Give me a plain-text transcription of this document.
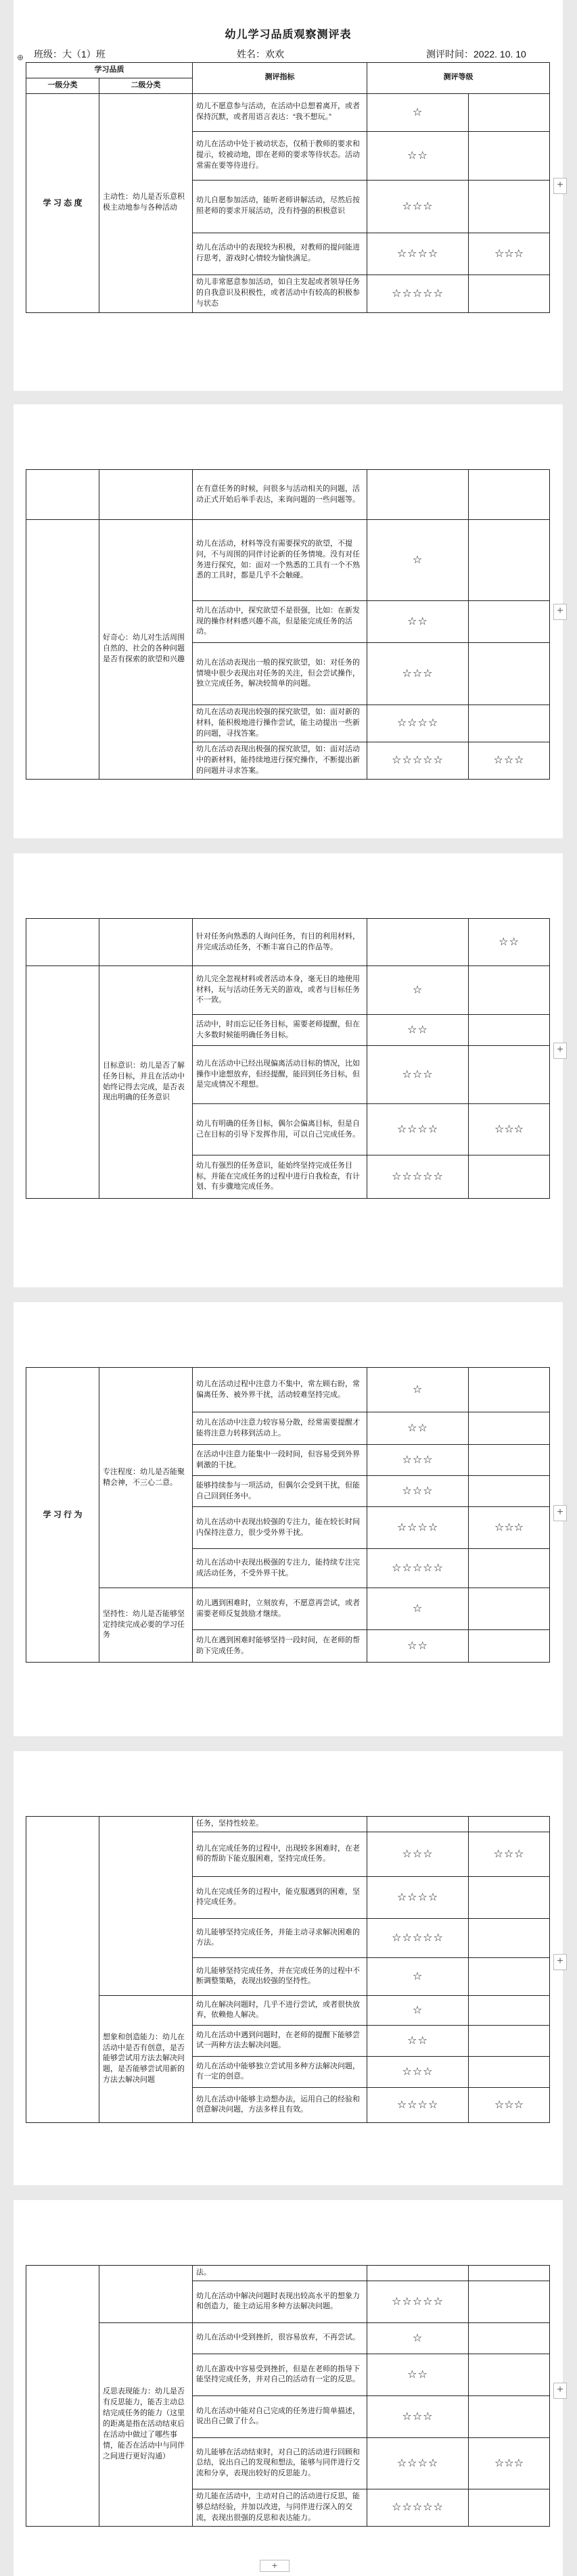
幼儿学习品质观察测评表
⊕ 班级：大（1）班	姓名：欢欢	测评时间：2022. 10. 10
学习品质		测评指标	测评等级	
一级分类	二级分类			
学 习 态 度	主动性：幼儿是否乐意积极主动地参与各种活动	幼儿不愿意参与活动，在活动中总想着离开，或者保持沉默，或者用语言表达：“我不想玩。”	☆	
		幼儿在活动中处于被动状态，仅稍于教师的要求和提示，较被动地，即在老师的要求等待状态。活动常需在要等待进行。	☆☆	
		幼儿自愿参加活动，能听老师讲解活动，尽然后按照老师的要求开展活动，没有持强的积极意识	☆☆☆	
		幼儿在活动中的表现较为积极，对教师的提问能进行思考，游戏时心情较为愉快满足。	☆☆☆☆	☆☆☆
		幼儿非常愿意参加活动，如自主发起或者领导任务的自我意识及积极性，或者活动中有较高的积极参与状态	☆☆☆☆☆	
+
		在有意任务的时候，问很多与活动相关的问题，活动正式开始后举手表达，来询问题的一些问题等。		
	好奇心：幼儿对生活周围自然的、社会的各种问题是否有探索的欲望和兴趣	幼儿在活动，材料等没有需要探究的欲望，不提问，不与周围的同伴讨论新的任务情境。没有对任务进行探究，如：面对一个熟悉的工具有一个不熟悉的工具时，都是几乎不会触碰。	☆	
		幼儿在活动中，探究欲望不是很强，比如：在新发现的操作材料感兴趣不高，但是能完成任务的活动。	☆☆	
		幼儿在活动表现出一般的探究欲望，如：对任务的情境中很少表现出对任务的关注，但会尝试操作，独立完成任务，解决较简单的问题。	☆☆☆	
		幼儿在活动表现出较强的探究欲望，如：面对新的材料，能积极地进行操作尝试，能主动提出一些新的问题，寻找答案。	☆☆☆☆	
		幼儿在活动表现出极强的探究欲望，如：面对活动中的新材料，能持续地进行探究操作，不断提出新的问题并寻求答案。	☆☆☆☆☆	☆☆☆
+
		针对任务向熟悉的人询问任务，有目的利用材料，并完成活动任务，不断丰富自己的作品等。		☆☆
	目标意识：幼儿是否了解任务目标，并且在活动中始终记得去完成，是否表现出明确的任务意识	幼儿完全忽视材料或者活动本身，毫无目的地使用材料，玩与活动任务无关的游戏，或者与目标任务不一致。	☆	
		活动中，时而忘记任务目标，需要老师提醒，但在大多数时候能明确任务目标。	☆☆	
		幼儿在活动中已经出现偏离活动目标的情况，比如操作中途想放弃，但经提醒，能回到任务目标，但是完成情况不理想。	☆☆☆	
		幼儿有明确的任务目标，偶尔会偏离目标，但是自己在目标的引导下发挥作用，可以自己完成任务。	☆☆☆☆	☆☆☆
		幼儿有强烈的任务意识，能始终坚持完成任务目标，并能在完成任务的过程中进行自我检查，有计划、有步骤地完成任务。	☆☆☆☆☆	
+
学 习 行 为	专注程度：幼儿是否能聚精会神，不三心二意。	幼儿在活动过程中注意力不集中，常左顾右盼，常偏离任务、被外界干扰，活动较难坚持完成。	☆	
		幼儿在活动中注意力较容易分散，经常需要提醒才能将注意力转移到活动上。	☆☆	
		在活动中注意力能集中一段时间，但容易受到外界刺激的干扰。	☆☆☆	
		能够持续参与一项活动，但偶尔会受到干扰，但能自己回到任务中。	☆☆☆	
		幼儿在活动中表现出较强的专注力，能在较长时间内保持注意力，很少受外界干扰。	☆☆☆☆	☆☆☆
		幼儿在活动中表现出极强的专注力，能持续专注完成活动任务，不受外界干扰。	☆☆☆☆☆	
	坚持性：幼儿是否能够坚定持续完成必要的学习任务	幼儿遇到困难时，立刻放弃，不愿意再尝试，或者需要老师反复鼓励才继续。	☆	
		幼儿在遇到困难时能够坚持一段时间，在老师的帮助下完成任务。	☆☆	
+
		任务，坚持性较差。		
		幼儿在完成任务的过程中，出现较多困难时，在老师的帮助下能克服困难，坚持完成任务。	☆☆☆	☆☆☆
		幼儿在完成任务的过程中，能克服遇到的困难，坚持完成任务。	☆☆☆☆	
		幼儿能够坚持完成任务，并能主动寻求解决困难的方法。	☆☆☆☆☆	
		幼儿能够坚持完成任务，并在完成任务的过程中不断调整策略，表现出较强的坚持性。	☆	
	想象和创造能力：幼儿在活动中是否有创意，是否能够尝试用方法去解决问题，是否能够尝试用新的方法去解决问题	幼儿在解决问题时，几乎不进行尝试，或者很快放弃，依赖他人解决。	☆	
		幼儿在活动中遇到问题时，在老师的提醒下能够尝试一两种方法去解决问题。	☆☆	
		幼儿在活动中能够独立尝试用多种方法解决问题，有一定的创意。	☆☆☆	
		幼儿在活动中能够主动想办法，运用自己的经验和创意解决问题，方法多样且有效。	☆☆☆☆	☆☆☆
+
		法。		
		幼儿在活动中解决问题时表现出较高水平的想象力和创造力，能主动运用多种方法解决问题。	☆☆☆☆☆	
	反思表现能力：幼儿是否有反思能力，能否主动总结完成任务的能力（这里的距离是指在活动结束后在活动中做过了哪些事情，能否在活动中与同伴之间进行更好沟通）	幼儿在活动中受到挫折，很容易放弃，不再尝试。	☆	
		幼儿在游戏中容易受到挫折，但是在老师的指导下能坚持完成任务，并对自己的活动有一定的反思。	☆☆	
		幼儿在活动中能对自己完成的任务进行简单描述，说出自己做了什么。	☆☆☆	
		幼儿能够在活动结束时，对自己的活动进行回顾和总结，说出自己的发现和想法，能够与同伴进行交流和分享，表现出较好的反思能力。	☆☆☆☆	☆☆☆
		幼儿能在活动中，主动对自己的活动进行反思，能够总结经验，并加以改进，与同伴进行深入的交流，表现出很强的反思和表达能力。	☆☆☆☆☆	
+
+
